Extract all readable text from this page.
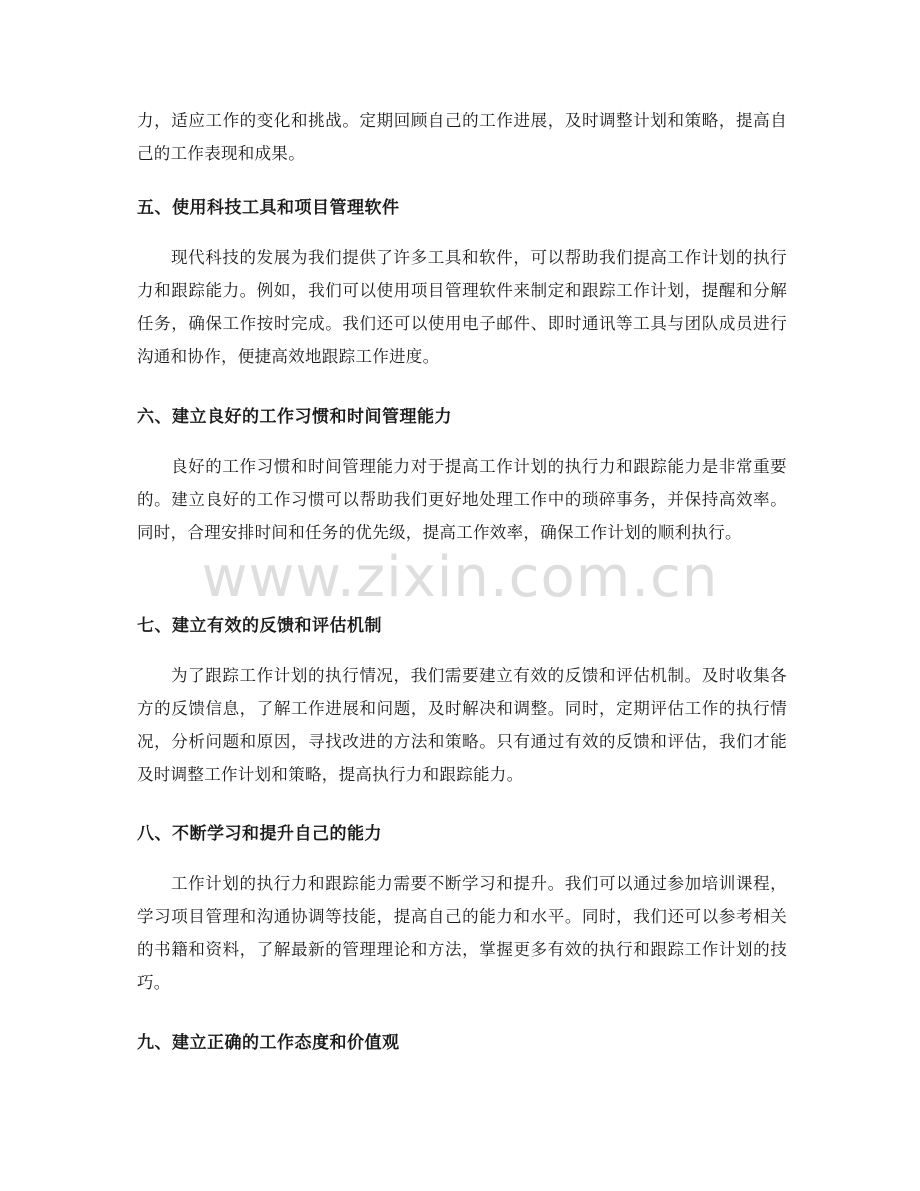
力，适应工作的变化和挑战。定期回顾自己的工作进展，及时调整计划和策略，提高自己的工作表现和成果。

五、使用科技工具和项目管理软件

现代科技的发展为我们提供了许多工具和软件，可以帮助我们提高工作计划的执行力和跟踪能力。例如，我们可以使用项目管理软件来制定和跟踪工作计划，提醒和分解任务，确保工作按时完成。我们还可以使用电子邮件、即时通讯等工具与团队成员进行沟通和协作，便捷高效地跟踪工作进度。

六、建立良好的工作习惯和时间管理能力

良好的工作习惯和时间管理能力对于提高工作计划的执行力和跟踪能力是非常重要的。建立良好的工作习惯可以帮助我们更好地处理工作中的琐碎事务，并保持高效率。同时，合理安排时间和任务的优先级，提高工作效率，确保工作计划的顺利执行。

七、建立有效的反馈和评估机制

为了跟踪工作计划的执行情况，我们需要建立有效的反馈和评估机制。及时收集各方的反馈信息，了解工作进展和问题，及时解决和调整。同时，定期评估工作的执行情况，分析问题和原因，寻找改进的方法和策略。只有通过有效的反馈和评估，我们才能及时调整工作计划和策略，提高执行力和跟踪能力。

八、不断学习和提升自己的能力

工作计划的执行力和跟踪能力需要不断学习和提升。我们可以通过参加培训课程，学习项目管理和沟通协调等技能，提高自己的能力和水平。同时，我们还可以参考相关的书籍和资料，了解最新的管理理论和方法，掌握更多有效的执行和跟踪工作计划的技巧。

九、建立正确的工作态度和价值观
www.zixin.com.cn
